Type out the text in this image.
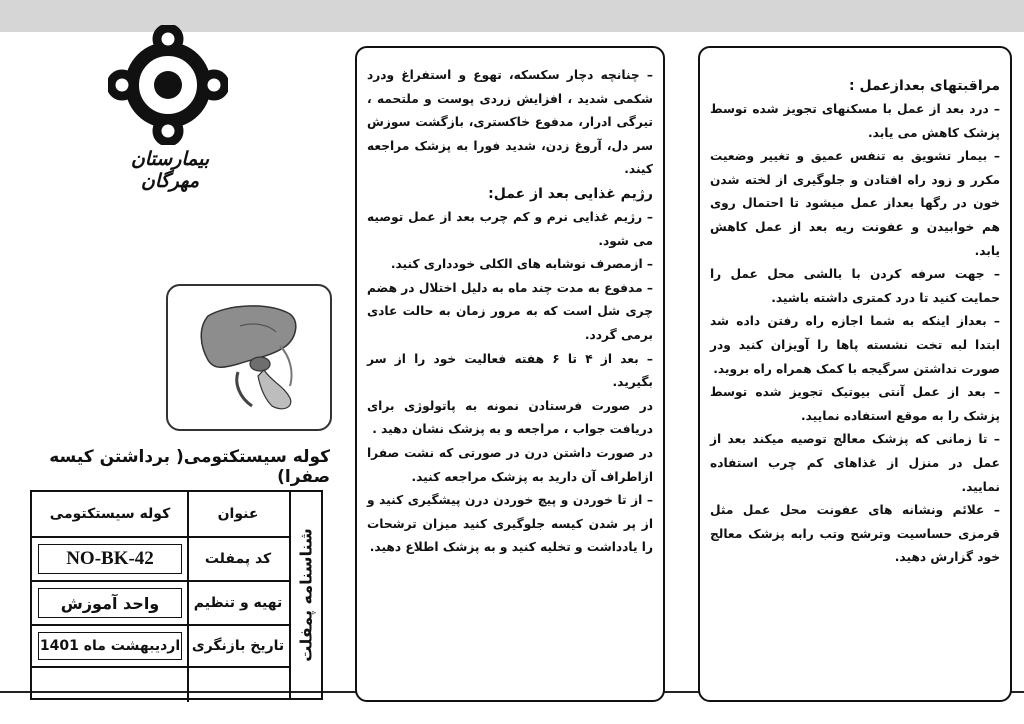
بیمارستان مهرگان
کوله سیستکتومی( برداشتن کیسه صفرا)
شناسنامه پمفلت
عنوان
کوله سیستکتومی
کد پمفلت
NO-BK-42
تهیه و تنظیم
واحد آموزش
تاریخ بازنگری
اردیبهشت ماه 1401

– چنانچه دچار سکسکه، تهوع و استفراغ ودرد شکمی شدید ، افزایش زردی پوست و ملتحمه ، تیرگی ادرار، مدفوع خاکستری، بازگشت سوزش سر دل، آروغ زدن، شدید فورا به پزشک مراجعه کیند.

رژیم غذایی بعد از عمل:

– رژیم غذایی نرم و کم چرب بعد از عمل توصیه می شود.

– ازمصرف نوشابه های الکلی خودداری کنید.

– مدفوع به مدت چند ماه به دلیل اختلال در هضم چری شل است که به مرور زمان به حالت عادی برمی گردد.

– بعد از ۴ تا ۶ هفته فعالیت خود را از سر بگیرید.

در صورت فرستادن نمونه به پاتولوژی برای دریافت جواب ، مراجعه و به پزشک نشان دهید .

در صورت داشتن درن در صورتی که نشت صفرا ازاطراف آن دارید به پزشک مراجعه کنید.

– از تا خوردن و پیچ خوردن درن پیشگیری کنید و از پر شدن کیسه جلوگیری کنید میزان ترشحات را یادداشت و تخلیه کنید و به پزشک اطلاع دهید.

مراقبتهای بعدازعمل :

– درد بعد از عمل با مسکنهای تجویز شده توسط پزشک کاهش می یابد.

– بیمار تشویق به تنفس عمیق و تغییر وضعیت مکرر و زود راه افتادن و جلوگیری از لخته شدن خون در رگها بعداز عمل میشود تا احتمال روی هم خوابیدن و عفونت ریه بعد از عمل کاهش یابد.

– جهت سرفه کردن با بالشی محل عمل را حمایت کنید تا درد کمتری داشته باشید.

– بعداز اینکه به شما اجازه راه رفتن داده شد ابتدا لبه تخت نشسته پاها را آویزان کنید ودر صورت نداشتن سرگیجه با کمک همراه راه بروید.

– بعد از عمل آنتی بیوتیک تجویز شده توسط پزشک را به موقع استفاده نمایید.

– تا زمانی که پزشک معالج توصیه میکند بعد از عمل در منزل از غذاهای کم چرب استفاده نمایید.

– علائم ونشانه های عفونت محل عمل مثل قرمزی حساسیت وترشح وتب رابه پزشک معالج خود گزارش دهید.
